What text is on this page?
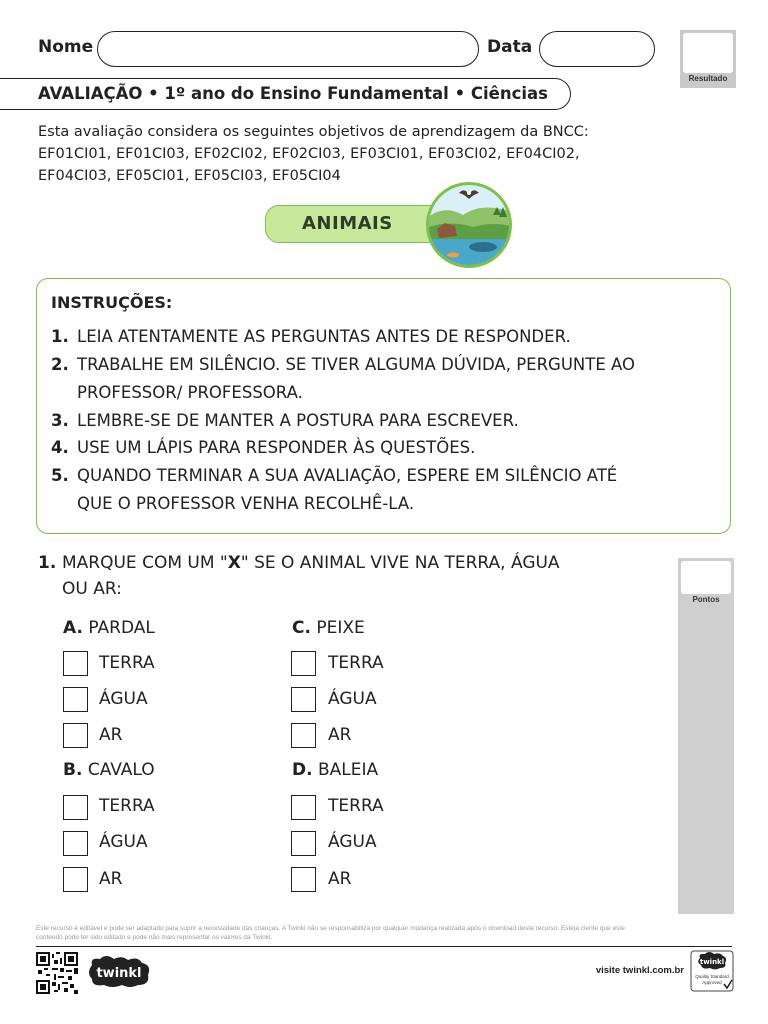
Nome	Data
Resultado
AVALIAÇÃO • 1º ano do Ensino Fundamental • Ciências
Esta avaliação considera os seguintes objetivos de aprendizagem da BNCC:
EF01CI01, EF01CI03, EF02CI02, EF02CI03, EF03CI01, EF03CI02, EF04CI02,
EF04CI03, EF05CI01, EF05CI03, EF05CI04
ANIMAIS
INSTRUÇÕES:
1. LEIA ATENTAMENTE AS PERGUNTAS ANTES DE RESPONDER.
2. TRABALHE EM SILÊNCIO. SE TIVER ALGUMA DÚVIDA, PERGUNTE AO
PROFESSOR/ PROFESSORA.
3. LEMBRE-SE DE MANTER A POSTURA PARA ESCREVER.
4. USE UM LÁPIS PARA RESPONDER ÀS QUESTÕES.
5. QUANDO TERMINAR A SUA AVALIAÇÃO, ESPERE EM SILÊNCIO ATÉ
QUE O PROFESSOR VENHA RECOLHÊ-LA.
1. MARQUE COM UM "X" SE O ANIMAL VIVE NA TERRA, ÁGUA
OU AR:
Pontos
A. PARDAL
TERRA
ÁGUA
AR
C. PEIXE
TERRA
ÁGUA
AR
B. CAVALO
TERRA
ÁGUA
AR
D. BALEIA
TERRA
ÁGUA
AR
Este recurso é editável e pode ser adaptado para suprir a necessidade das crianças. A Twinkl não se responsabiliza por qualquer mudança realizada após o download deste recurso. Esteja ciente que este
conteúdo pode ter sido editado e pode não mais representar os valores da Twinkl.
twinkl	visite twinkl.com.br
twinkl
Quality Standard
Approved
